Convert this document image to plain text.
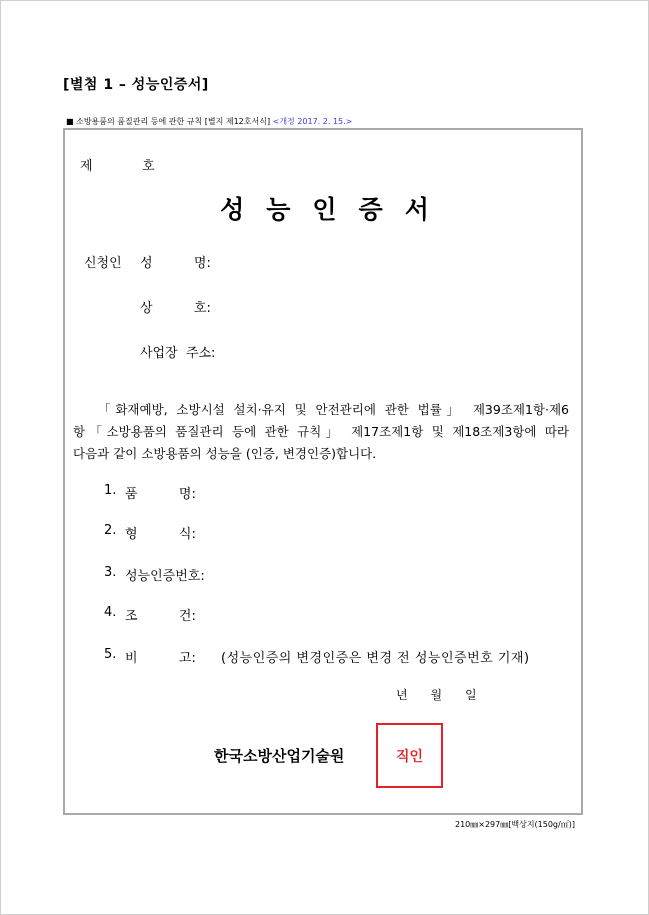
[별첨 1 – 성능인증서]
■ 소방용품의 품질관리 등에 관한 규칙 [별지 제12호서식] <개정 2017. 2. 15.>
제            호
성능인증서
신청인 성          명:
상          호:
사업장  주소:
「화재예방, 소방시설 설치·유지 및 안전관리에 관한 법률」 제39조제1항·제6
항「소방용품의 품질관리 등에 관한 규칙」 제17조제1항 및 제18조제3항에 따라
다음과 같이 소방용품의 성능을 (인증, 변경인증)합니다.
1. 품          명:
2. 형          식:
3. 성능인증번호:
4. 조          건:
5. 비          고: (성능인증의 변경인증은 변경 전 성능인증번호 기재)
년      월      일
한국소방산업기술원	직인
210㎜×297㎜[백상지(150g/㎡)]
